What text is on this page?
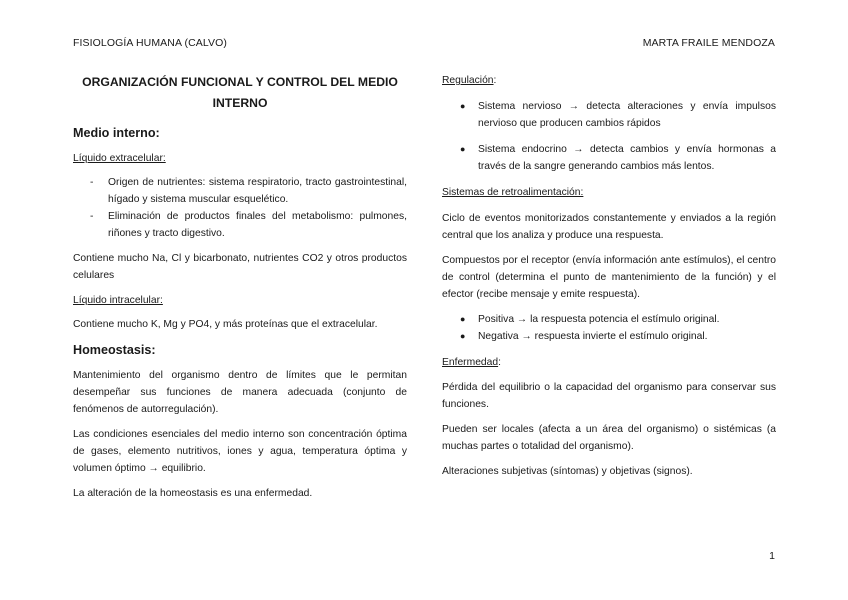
FISIOLOGÍA HUMANA (CALVO)	MARTA FRAILE MENDOZA
ORGANIZACIÓN FUNCIONAL Y CONTROL DEL MEDIO
INTERNO
Medio interno:
Líquido extracelular:
- Origen de nutrientes: sistema respiratorio, tracto gastrointestinal, hígado y sistema muscular esquelético.
- Eliminación de productos finales del metabolismo: pulmones, riñones y tracto digestivo.
Contiene mucho Na, Cl y bicarbonato, nutrientes CO2 y otros productos celulares
Líquido intracelular:
Contiene mucho K, Mg y PO4, y más proteínas que el extracelular.
Homeostasis:
Mantenimiento del organismo dentro de límites que le permitan desempeñar sus funciones de manera adecuada (conjunto de fenómenos de autorregulación).
Las condiciones esenciales del medio interno son concentración óptima de gases, elemento nutritivos, iones y agua, temperatura óptima y volumen óptimo → equilibrio.
La alteración de la homeostasis es una enfermedad.
Regulación:
● Sistema nervioso → detecta alteraciones y envía impulsos nervioso que producen cambios rápidos
● Sistema endocrino → detecta cambios y envía hormonas a través de la sangre generando cambios más lentos.
Sistemas de retroalimentación:
Ciclo de eventos monitorizados constantemente y enviados a la región central que los analiza y produce una respuesta.
Compuestos por el receptor (envía información ante estímulos), el centro de control (determina el punto de mantenimiento de la función) y el efector (recibe mensaje y emite respuesta).
● Positiva → la respuesta potencia el estímulo original.
● Negativa → respuesta invierte el estímulo original.
Enfermedad:
Pérdida del equilibrio o la capacidad del organismo para conservar sus funciones.
Pueden ser locales (afecta a un área del organismo) o sistémicas (a muchas partes o totalidad del organismo).
Alteraciones subjetivas (síntomas) y objetivas (signos).
1
